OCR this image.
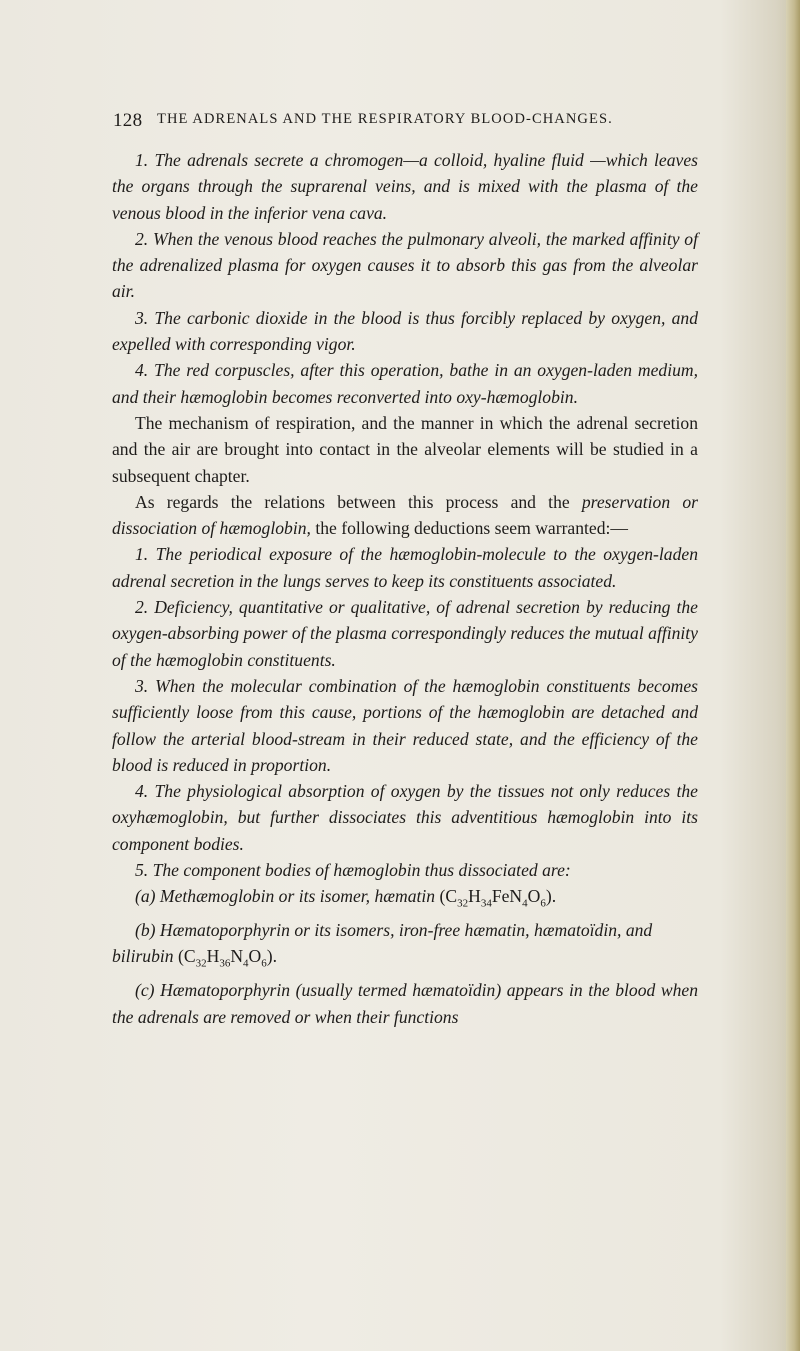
128 THE ADRENALS AND THE RESPIRATORY BLOOD-CHANGES.

1. The adrenals secrete a chromogen—a colloid, hyaline fluid —which leaves the organs through the suprarenal veins, and is mixed with the plasma of the venous blood in the inferior vena cava.

2. When the venous blood reaches the pulmonary alveoli, the marked affinity of the adrenalized plasma for oxygen causes it to absorb this gas from the alveolar air.

3. The carbonic dioxide in the blood is thus forcibly replaced by oxygen, and expelled with corresponding vigor.

4. The red corpuscles, after this operation, bathe in an oxygen-laden medium, and their hæmoglobin becomes reconverted into oxy-hæmoglobin.

The mechanism of respiration, and the manner in which the adrenal secretion and the air are brought into contact in the alveolar elements will be studied in a subsequent chapter.

As regards the relations between this process and the preservation or dissociation of hæmoglobin, the following deductions seem warranted:—

1. The periodical exposure of the hæmoglobin-molecule to the oxygen-laden adrenal secretion in the lungs serves to keep its constituents associated.

2. Deficiency, quantitative or qualitative, of adrenal secretion by reducing the oxygen-absorbing power of the plasma correspondingly reduces the mutual affinity of the hæmoglobin constituents.

3. When the molecular combination of the hæmoglobin constituents becomes sufficiently loose from this cause, portions of the hæmoglobin are detached and follow the arterial blood-stream in their reduced state, and the efficiency of the blood is reduced in proportion.

4. The physiological absorption of oxygen by the tissues not only reduces the oxyhæmoglobin, but further dissociates this adventitious hæmoglobin into its component bodies.

5. The component bodies of hæmoglobin thus dissociated are:

(a) Methæmoglobin or its isomer, hæmatin $(C_{32}H_{34}FeN_4O_6)$.

(b) Hæmatoporphyrin or its isomers, iron-free hæmatin, hæmatoïdin, and bilirubin $(C_{32}H_{36}N_4O_6)$.

(c) Hæmatoporphyrin (usually termed hæmatoïdin) appears in the blood when the adrenals are removed or when their functions
